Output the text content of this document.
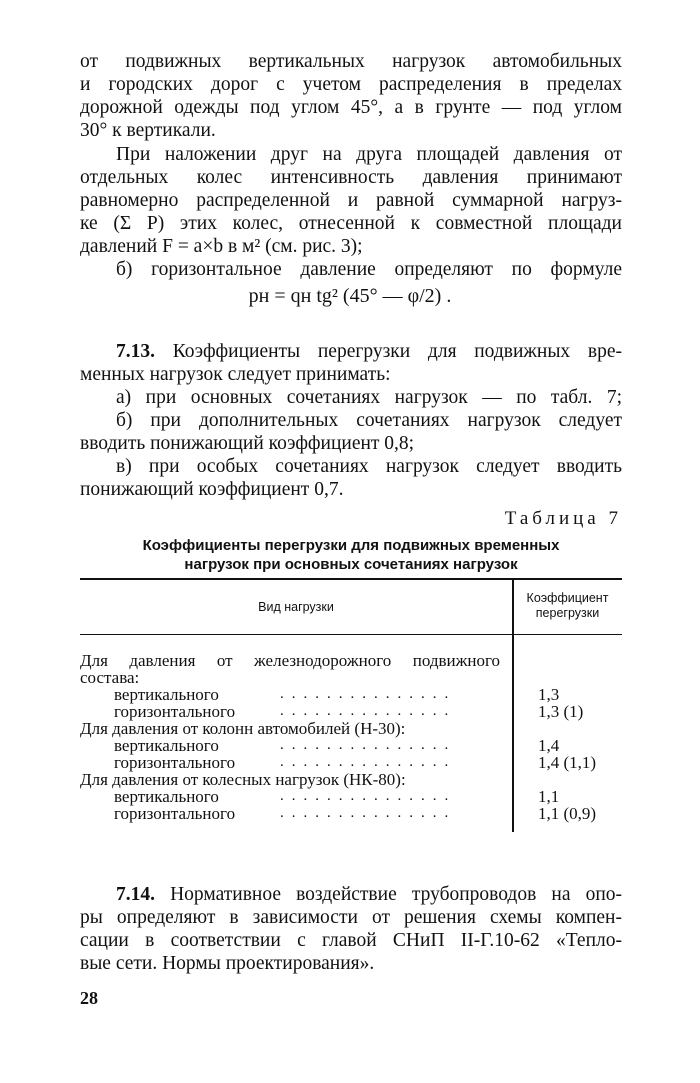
от подвижных вертикальных нагрузок автомобильных
и городских дорог с учетом распределения в пределах
дорожной одежды под углом 45°, а в грунте — под углом
30° к вертикали.
При наложении друг на друга площадей давления от
отдельных колес интенсивность давления принимают
равномерно распределенной и равной суммарной нагруз-
ке (Σ P) этих колес, отнесенной к совместной площади
давлений F = a×b в м² (см. рис. 3);
б) горизонтальное давление определяют по формуле
pн = qн tg² (45° — φ/2) .
7.13. Коэффициенты перегрузки для подвижных вре-
менных нагрузок следует принимать:
а) при основных сочетаниях нагрузок — по табл. 7;
б) при дополнительных сочетаниях нагрузок следует
вводить понижающий коэффициент 0,8;
в) при особых сочетаниях нагрузок следует вводить
понижающий коэффициент 0,7.
Таблица 7
Коэффициенты перегрузки для подвижных временных
нагрузок при основных сочетаниях нагрузок
Вид нагрузки
Коэффициент
перегрузки
Для давления от железнодорожного подвижного
состава:
вертикального	...............	1,3
горизонтального	...............	1,3 (1)
Для давления от колонн автомобилей (Н-30):
вертикального	...............	1,4
горизонтального	...............	1,4 (1,1)
Для давления от колесных нагрузок (НК-80):
вертикального	...............	1,1
горизонтального	...............	1,1 (0,9)
7.14. Нормативное воздействие трубопроводов на опо-
ры определяют в зависимости от решения схемы компен-
сации в соответствии с главой СНиП II-Г.10-62 «Тепло-
вые сети. Нормы проектирования».
28
